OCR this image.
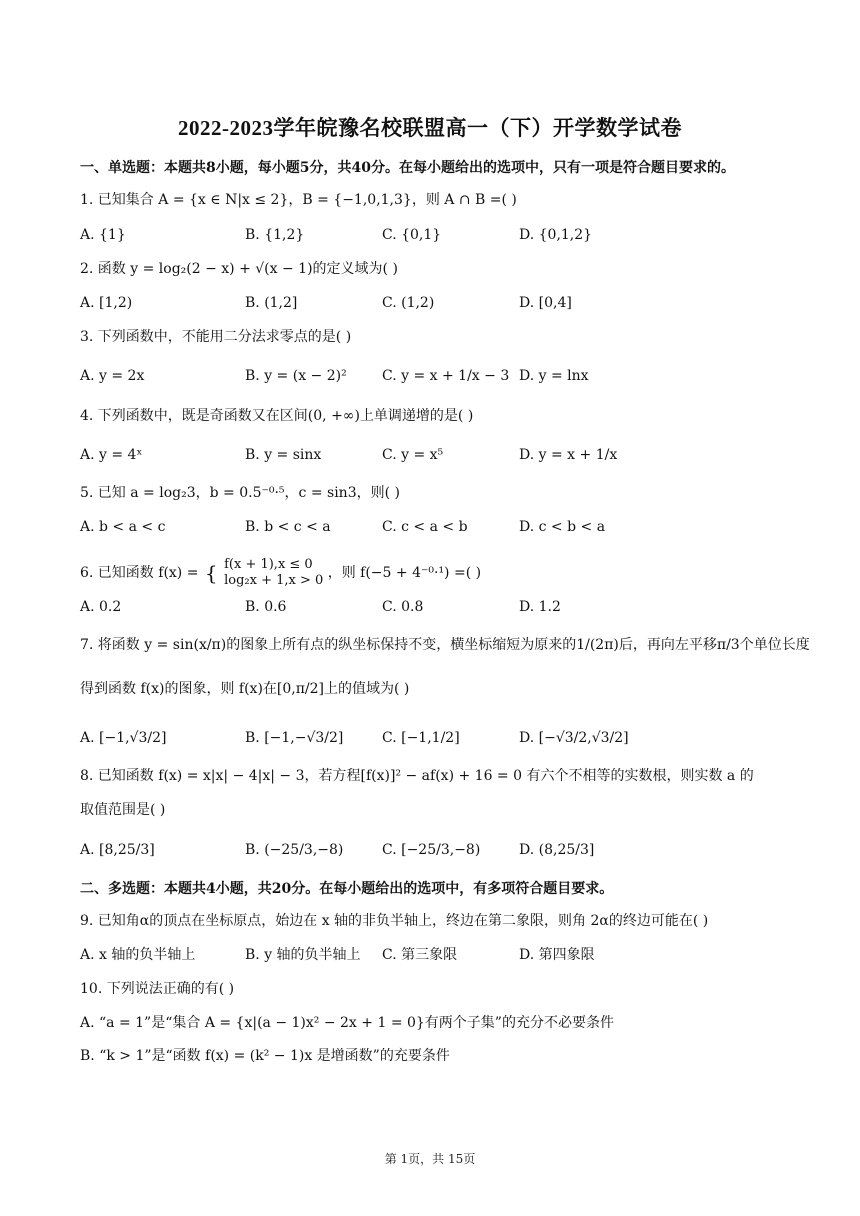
2022-2023学年皖豫名校联盟高一（下）开学数学试卷
一、单选题：本题共8小题，每小题5分，共40分。在每小题给出的选项中，只有一项是符合题目要求的。
1. 已知集合 A = {x ∈ N|x ≤ 2}，B = {−1,0,1,3}，则 A ∩ B =( )
A. {1}	B. {1,2}	C. {0,1}	D. {0,1,2}
2. 函数 y = log₂(2 − x) + √(x − 1)的定义域为( )
A. [1,2)	B. (1,2]	C. (1,2)	D. [0,4]
3. 下列函数中，不能用二分法求零点的是( )
A. y = 2x	B. y = (x − 2)²	C. y = x + 1/x − 3 D. y = lnx
4. 下列函数中，既是奇函数又在区间(0, +∞)上单调递增的是( )
A. y = 4ˣ	B. y = sinx	C. y = x⁵	D. y = x + 1/x
5. 已知 a = log₂3，b = 0.5⁻⁰·⁵，c = sin3，则( )
A. b < a < c	B. b < c < a	C. c < a < b	D. c < b < a
6. 已知函数 f(x) = { f(x + 1),x ≤ 0
log₂x + 1,x > 0 ，则 f(−5 + 4⁻⁰·¹) =( )
A. 0.2	B. 0.6	C. 0.8	D. 1.2
7. 将函数 y = sin(x/π)的图象上所有点的纵坐标保持不变，横坐标缩短为原来的1/(2π)后，再向左平移π/3个单位长度
得到函数 f(x)的图象，则 f(x)在[0,π/2]上的值域为( )
A. [−1,√3/2]	B. [−1,−√3/2]	C. [−1,1/2]	D. [−√3/2,√3/2]
8. 已知函数 f(x) = x|x| − 4|x| − 3，若方程[f(x)]² − af(x) + 16 = 0 有六个不相等的实数根，则实数 a 的
取值范围是( )
A. [8,25/3]	B. (−25/3,−8)	C. [−25/3,−8)	D. (8,25/3]
二、多选题：本题共4小题，共20分。在每小题给出的选项中，有多项符合题目要求。
9. 已知角α的顶点在坐标原点，始边在 x 轴的非负半轴上，终边在第二象限，则角 2α的终边可能在( )
A. x 轴的负半轴上	B. y 轴的负半轴上 C. 第三象限	D. 第四象限
10. 下列说法正确的有( )
A. “a = 1”是“集合 A = {x|(a − 1)x² − 2x + 1 = 0}有两个子集”的充分不必要条件
B. “k > 1”是“函数 f(x) = (k² − 1)x 是增函数”的充要条件
第 1页，共 15页
